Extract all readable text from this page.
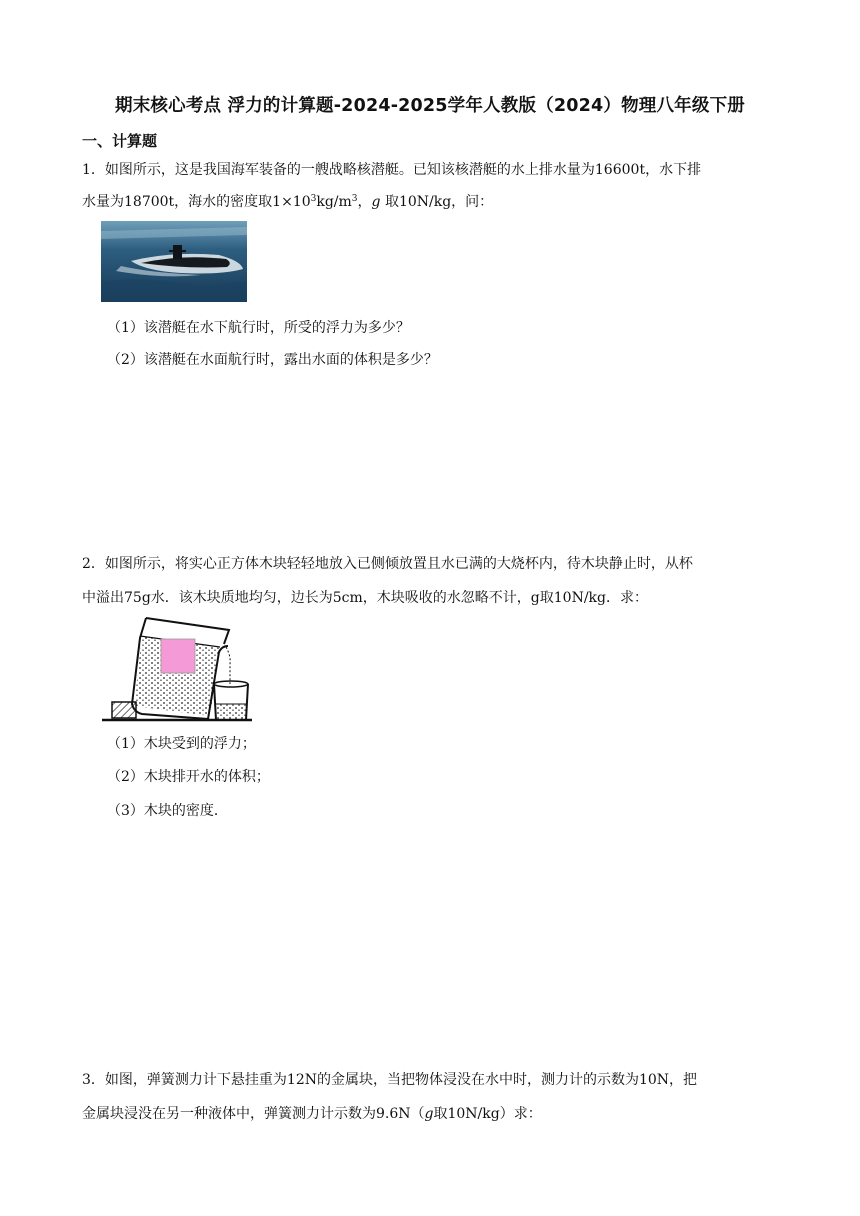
期末核心考点 浮力的计算题-2024-2025学年人教版（2024）物理八年级下册
一、计算题
1．如图所示，这是我国海军装备的一艘战略核潜艇。已知该核潜艇的水上排水量为16600t，水下排
水量为18700t，海水的密度取$1\times 10^3kg/m^3$，g 取10N/kg，问：
（1）该潜艇在水下航行时，所受的浮力为多少？
（2）该潜艇在水面航行时，露出水面的体积是多少？
2．如图所示，将实心正方体木块轻轻地放入已侧倾放置且水已满的大烧杯内，待木块静止时，从杯
中溢出75g水．该木块质地均匀，边长为5cm，木块吸收的水忽略不计，g取10N/kg．求：
（1）木块受到的浮力；
（2）木块排开水的体积；
（3）木块的密度．
3．如图，弹簧测力计下悬挂重为12N的金属块，当把物体浸没在水中时，测力计的示数为10N，把
金属块浸没在另一种液体中，弹簧测力计示数为9.6N（g取10N/kg）求：
